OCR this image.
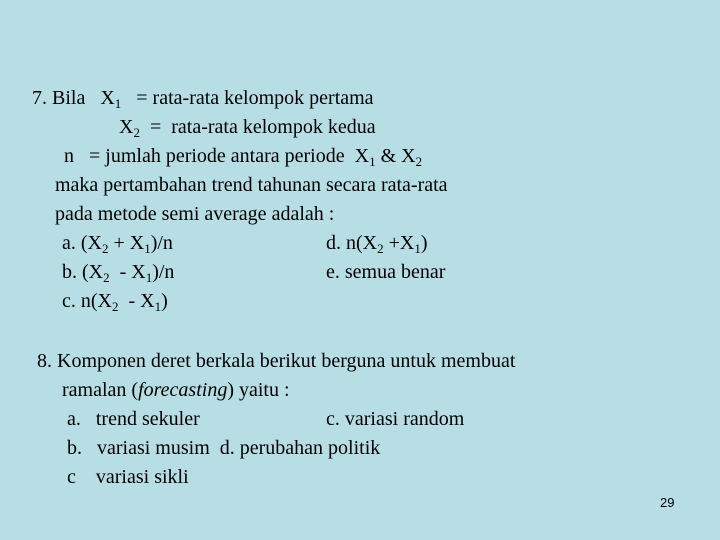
7. Bila   $X_1$   = rata-rata kelompok pertama
$X_2$  =  rata-rata kelompok kedua
n   = jumlah periode antara periode  $X_1$ & $X_2$
maka pertambahan trend tahunan secara rata-rata
pada metode semi average adalah :
a. $(X_2 + X_1)/n$	d. $n(X_2 +X_1)$
b. $(X_2 - X_1)/n$	e. semua benar
c. $n(X_2 - X_1)$
8. Komponen deret berkala berikut berguna untuk membuat
ramalan (forecasting) yaitu :
a.   trend sekuler	c. variasi random
b.   variasi musim  d. perubahan politik
c    variasi sikli
29
